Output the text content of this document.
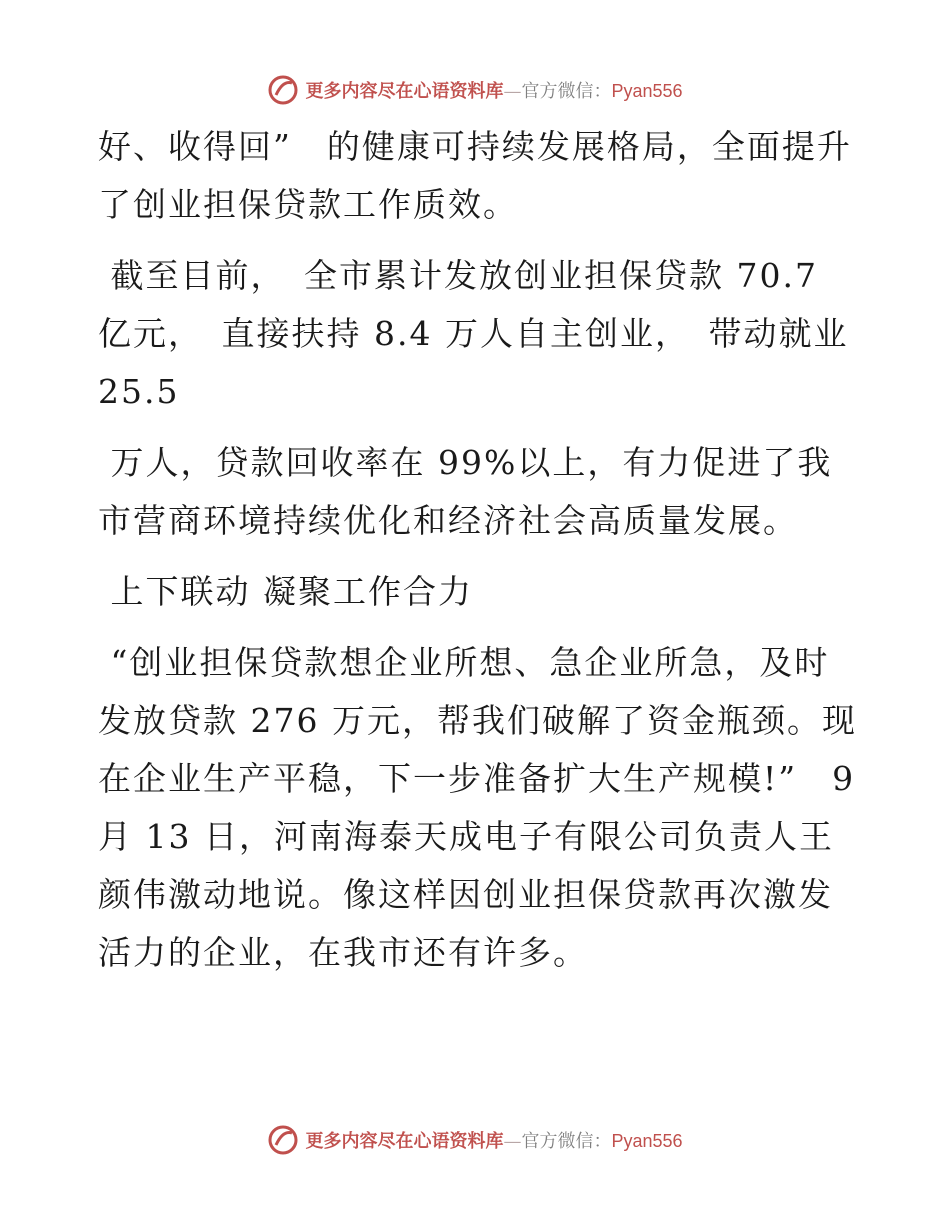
更多内容尽在心语资料库—官方微信：Pyan556

好、收得回”　的健康可持续发展格局，全面提升了创业担保贷款工作质效。

截至目前，　全市累计发放创业担保贷款 70.7 亿元，　直接扶持 8.4 万人自主创业，　带动就业 25.5

万人，贷款回收率在 99%以上，有力促进了我市营商环境持续优化和经济社会高质量发展。

上下联动 凝聚工作合力

“创业担保贷款想企业所想、急企业所急，及时发放贷款 276 万元，帮我们破解了资金瓶颈。现在企业生产平稳，下一步准备扩大生产规模!”　9 月 13 日，河南海泰天成电子有限公司负责人王颜伟激动地说。像这样因创业担保贷款再次激发活力的企业，在我市还有许多。

更多内容尽在心语资料库—官方微信：Pyan556
